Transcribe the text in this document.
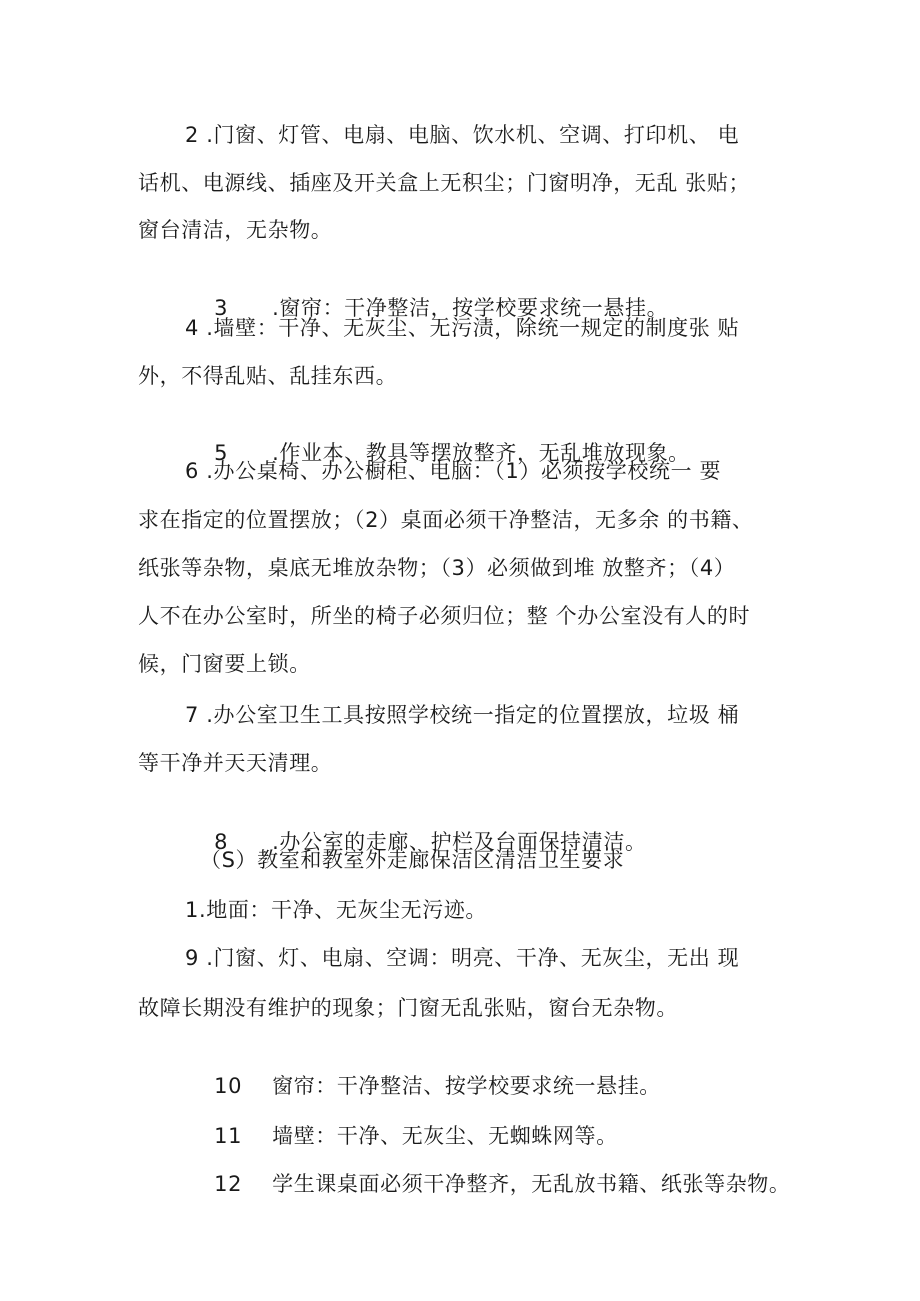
2 .门窗、灯管、电扇、电脑、饮水机、空调、打印机、 电
话机、电源线、插座及开关盒上无积尘；门窗明净，无乱 张贴；
窗台清洁，无杂物。

3 .窗帘：干净整洁，按学校要求统一悬挂。

4 .墙壁：干净、无灰尘、无污渍，除统一规定的制度张 贴
外，不得乱贴、乱挂东西。

5 .作业本、教具等摆放整齐，无乱堆放现象。

6 .办公桌椅、办公橱柜、电脑：（1）必须按学校统一 要
求在指定的位置摆放；（2）桌面必须干净整洁，无多余 的书籍、
纸张等杂物，桌底无堆放杂物；（3）必须做到堆 放整齐；（4）
人不在办公室时，所坐的椅子必须归位；整 个办公室没有人的时
候，门窗要上锁。
7 .办公室卫生工具按照学校统一指定的位置摆放，垃圾 桶
等干净并天天清理。

8 .办公室的走廊、护栏及台面保持清洁。

（S）教室和教室外走廊保洁区清洁卫生要求
1.地面：干净、无灰尘无污迹。
9 .门窗、灯、电扇、空调：明亮、干净、无灰尘，无出 现
故障长期没有维护的现象；门窗无乱张贴，窗台无杂物。

10 窗帘：干净整洁、按学校要求统一悬挂。

11 墙壁：干净、无灰尘、无蜘蛛网等。

12 学生课桌面必须干净整齐，无乱放书籍、纸张等杂物。
